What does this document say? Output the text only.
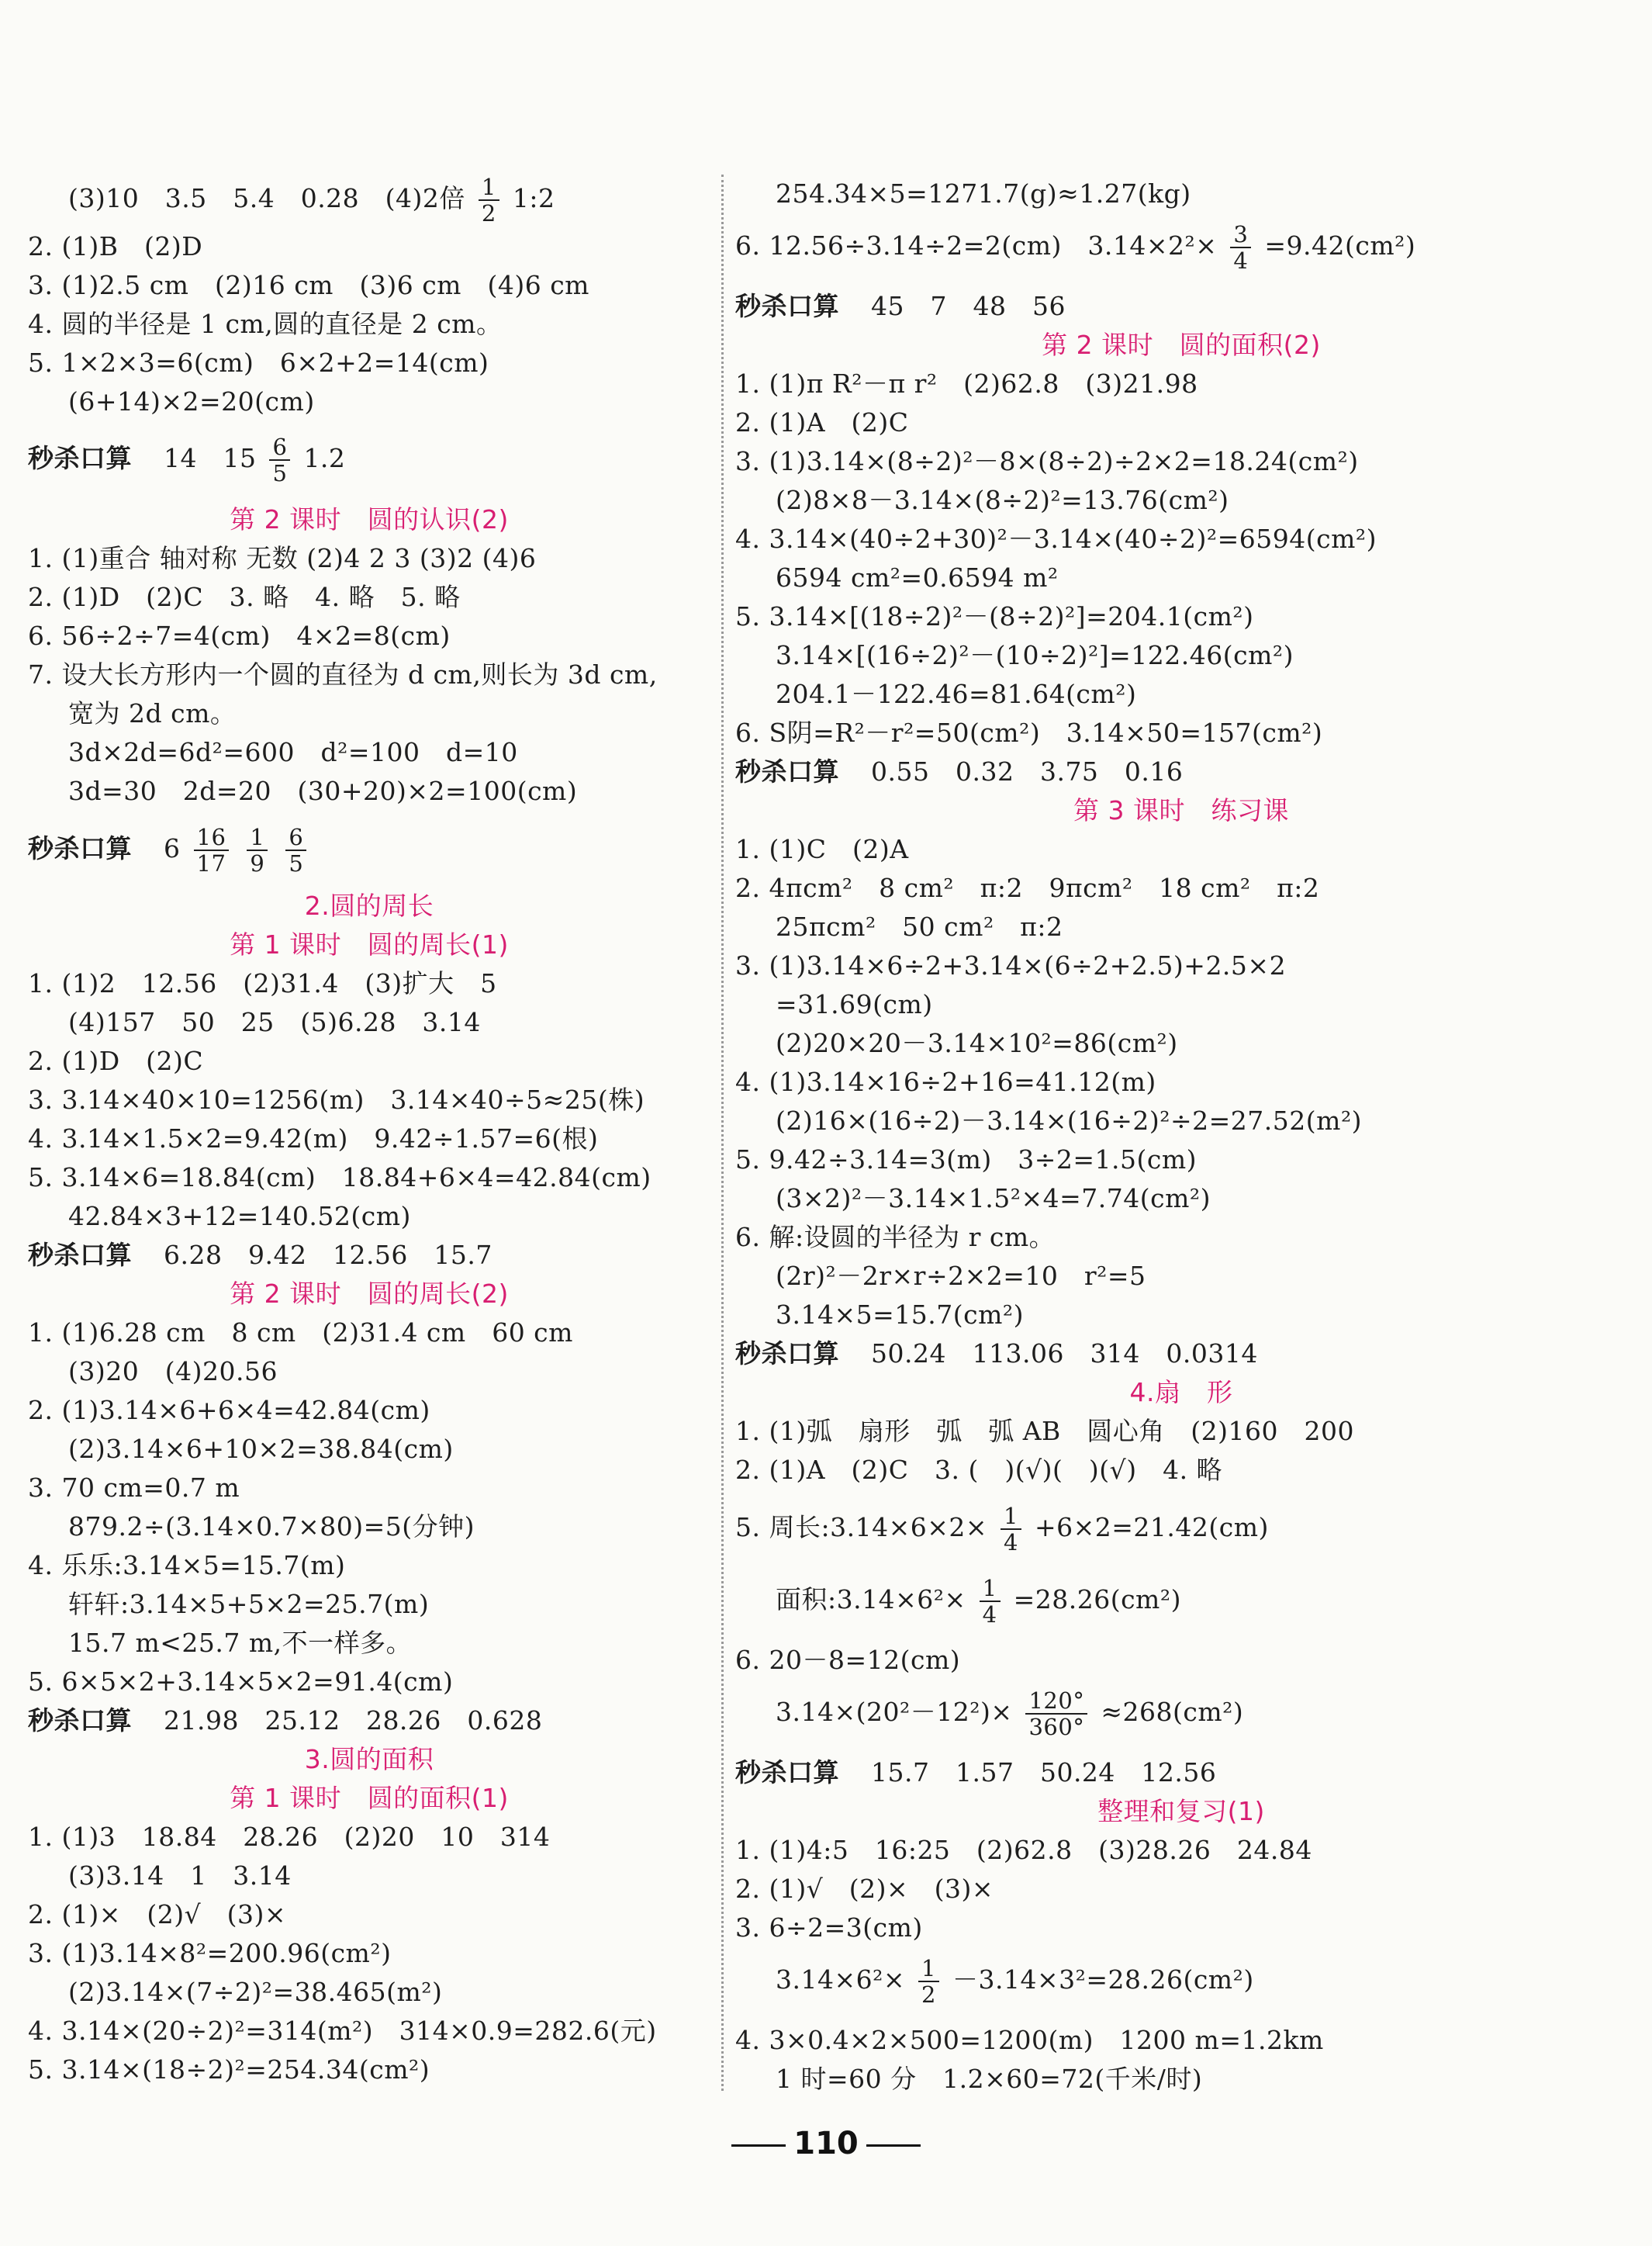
(3)10　3.5　5.4　0.28　(4)2倍 $\frac{1}{2}$ 1:2
2. (1)B　(2)D
3. (1)2.5 cm　(2)16 cm　(3)6 cm　(4)6 cm
4. 圆的半径是 1 cm,圆的直径是 2 cm。
5. 1×2×3=6(cm)　6×2+2=14(cm)
(6+14)×2=20(cm)
秒杀口算 14　$15 \frac{6}{5} 1.2$
第 2 课时　圆的认识(2)
1. (1)重合 轴对称 无数 (2)4 2 3 (3)2 (4)6
2. (1)D　(2)C　3. 略　4. 略　5. 略
6. 56÷2÷7=4(cm)　4×2=8(cm)
7. 设大长方形内一个圆的直径为 d cm,则长为 3d cm,
宽为 2d cm。
3d×2d=6d²=600　d²=100　d=10
3d=30　2d=20　(30+20)×2=100(cm)
秒杀口算 $6 \frac{16}{17}$
$\frac{1}{9}$
$\frac{6}{5}$
2.圆的周长
第 1 课时　圆的周长(1)
1. (1)2　12.56　(2)31.4　(3)扩大　5
(4)157　50　25　(5)6.28　3.14
2. (1)D　(2)C
3. 3.14×40×10=1256(m)　3.14×40÷5≈25(株)
4. 3.14×1.5×2=9.42(m)　9.42÷1.57=6(根)
5. 3.14×6=18.84(cm)　18.84+6×4=42.84(cm)
42.84×3+12=140.52(cm)
秒杀口算 6.28　9.42　12.56　15.7
第 2 课时　圆的周长(2)
1. (1)6.28 cm　8 cm　(2)31.4 cm　60 cm
(3)20　(4)20.56
2. (1)3.14×6+6×4=42.84(cm)
(2)3.14×6+10×2=38.84(cm)
3. 70 cm=0.7 m
879.2÷(3.14×0.7×80)=5(分钟)
4. 乐乐:3.14×5=15.7(m)
轩轩:3.14×5+5×2=25.7(m)
15.7 m<25.7 m,不一样多。
5. 6×5×2+3.14×5×2=91.4(cm)
秒杀口算 21.98　25.12　28.26　0.628
3.圆的面积
第 1 课时　圆的面积(1)
1. (1)3　18.84　28.26　(2)20　10　314
(3)3.14　1　3.14
2. (1)×　(2)√　(3)×
3. (1)3.14×8²=200.96(cm²)
(2)3.14×(7÷2)²=38.465(m²)
4. 3.14×(20÷2)²=314(m²)　314×0.9=282.6(元)
5. 3.14×(18÷2)²=254.34(cm²)
254.34×5=1271.7(g)≈1.27(kg)
6. 12.56÷3.14÷2=2(cm)　$3.14\times 2^2\times \frac{3}{4} =9.42(cm^2)$
秒杀口算 45　7　48　56
第 2 课时　圆的面积(2)
1. (1)π R²－π r²　(2)62.8　(3)21.98
2. (1)A　(2)C
3. (1)3.14×(8÷2)²－8×(8÷2)÷2×2=18.24(cm²)
(2)8×8－3.14×(8÷2)²=13.76(cm²)
4. 3.14×(40÷2+30)²－3.14×(40÷2)²=6594(cm²)
6594 cm²=0.6594 m²
5. 3.14×[(18÷2)²－(8÷2)²]=204.1(cm²)
3.14×[(16÷2)²－(10÷2)²]=122.46(cm²)
204.1－122.46=81.64(cm²)
6. S阴=R²－r²=50(cm²)　3.14×50=157(cm²)
秒杀口算 0.55　0.32　3.75　0.16
第 3 课时　练习课
1. (1)C　(2)A
2. 4πcm²　8 cm²　π:2　9πcm²　18 cm²　π:2
25πcm²　50 cm²　π:2
3. (1)3.14×6÷2+3.14×(6÷2+2.5)+2.5×2
=31.69(cm)
(2)20×20－3.14×10²=86(cm²)
4. (1)3.14×16÷2+16=41.12(m)
(2)16×(16÷2)－3.14×(16÷2)²÷2=27.52(m²)
5. 9.42÷3.14=3(m)　3÷2=1.5(cm)
(3×2)²－3.14×1.5²×4=7.74(cm²)
6. 解:设圆的半径为 r cm。
(2r)²－2r×r÷2×2=10　r²=5
3.14×5=15.7(cm²)
秒杀口算 50.24　113.06　314　0.0314
4.扇　形
1. (1)弧　扇形　弧　弧 AB　圆心角　(2)160　200
2. (1)A　(2)C　3. (　)(√)(　)(√)　4. 略
5. 周长:3.14×6×2× $\frac{1}{4} +6\times 2=21.42(cm)$
面积:3.14×6²× $\frac{1}{4} =28.26(cm^2)$
6. 20－8=12(cm)
$3.14\times(20^2-12^2)\times \frac{120^\circ}{360^\circ} \approx 268(cm^2)$
秒杀口算 15.7　1.57　50.24　12.56
整理和复习(1)
1. (1)4:5　16:25　(2)62.8　(3)28.26　24.84
2. (1)√　(2)×　(3)×
3. 6÷2=3(cm)
$3.14\times 6^2\times \frac{1}{2} -3.14\times 3^2=28.26(cm^2)$
4. 3×0.4×2×500=1200(m)　1200 m=1.2km
1 时=60 分　1.2×60=72(千米/时)
110
